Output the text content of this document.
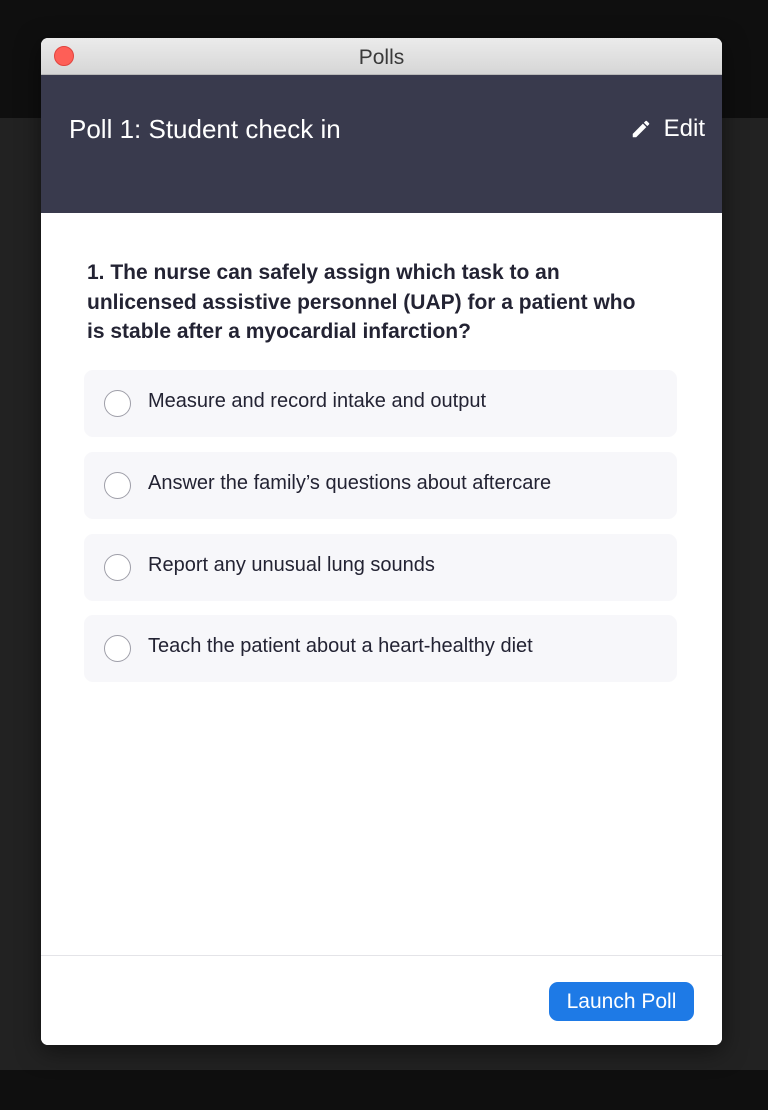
Polls
Poll 1: Student check in	Edit
1. The nurse can safely assign which task to an unlicensed assistive personnel (UAP) for a patient who is stable after a myocardial infarction?
Measure and record intake and output
Answer the family’s questions about aftercare
Report any unusual lung sounds
Teach the patient about a heart-healthy diet
Launch Poll
